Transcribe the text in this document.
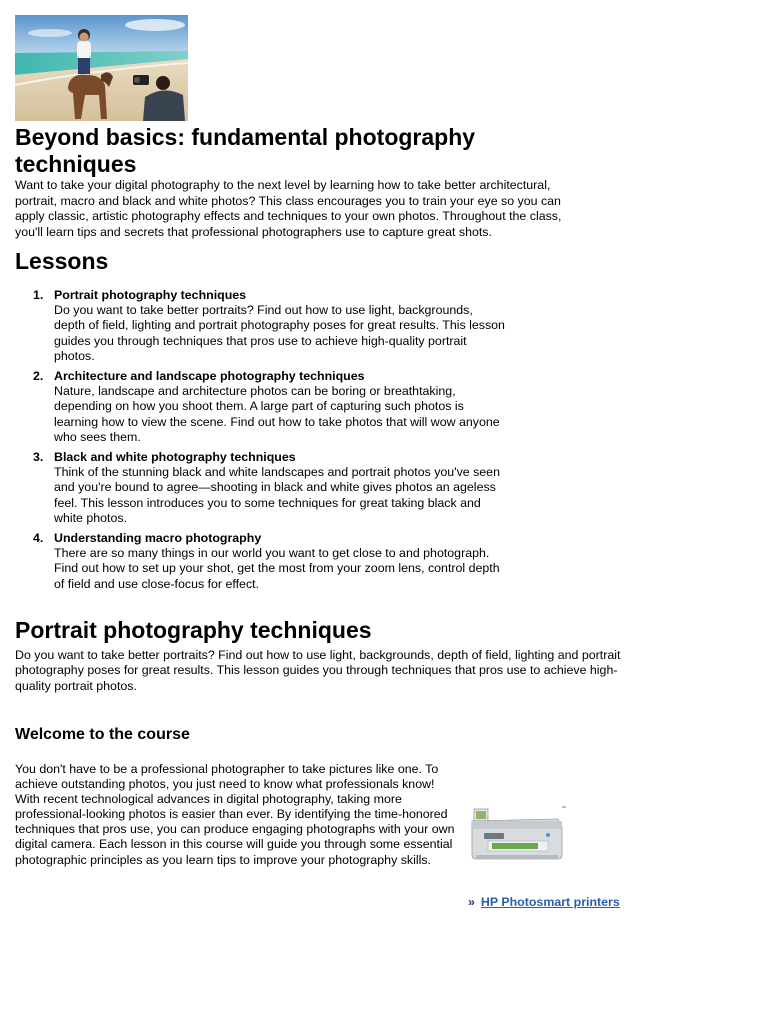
Beyond basics: fundamental photography techniques

Want to take your digital photography to the next level by learning how to take better architectural, portrait, macro and black and white photos? This class encourages you to train your eye so you can apply classic, artistic photography effects and techniques to your own photos. Throughout the class, you'll learn tips and secrets that professional photographers use to capture great shots.

Lessons
1. Portrait photography techniques
Do you want to take better portraits? Find out how to use light, backgrounds, depth of field, lighting and portrait photography poses for great results. This lesson guides you through techniques that pros use to achieve high-quality portrait photos.
2. Architecture and landscape photography techniques
Nature, landscape and architecture photos can be boring or breathtaking, depending on how you shoot them. A large part of capturing such photos is learning how to view the scene. Find out how to take photos that will wow anyone who sees them.
3. Black and white photography techniques
Think of the stunning black and white landscapes and portrait photos you've seen and you're bound to agree—shooting in black and white gives photos an ageless feel. This lesson introduces you to some techniques for great taking black and white photos.
4. Understanding macro photography
There are so many things in our world you want to get close to and photograph. Find out how to set up your shot, get the most from your zoom lens, control depth of field and use close-focus for effect.
Portrait photography techniques

Do you want to take better portraits? Find out how to use light, backgrounds, depth of field, lighting and portrait photography poses for great results. This lesson guides you through techniques that pros use to achieve high-quality portrait photos.

Welcome to the course

You don't have to be a professional photographer to take pictures like one. To achieve outstanding photos, you just need to know what professionals know! With recent technological advances in digital photography, taking more professional-looking photos is easier than ever. By identifying the time-honored techniques that pros use, you can produce engaging photographs with your own digital camera. Each lesson in this course will guide you through some essential photographic principles as you learn tips to improve your photography skills.

» HP Photosmart printers
